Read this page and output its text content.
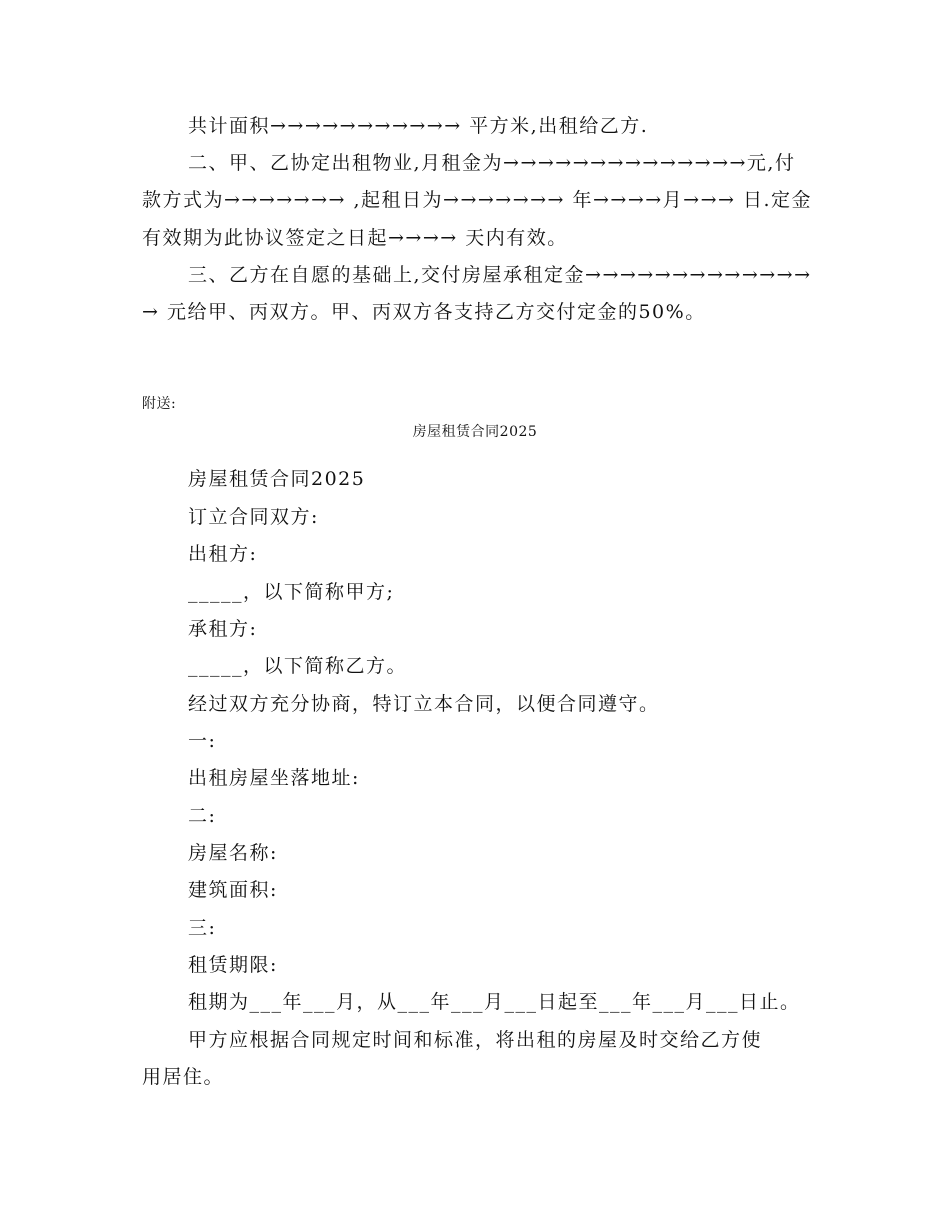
共计面积→→→→→→→→→→→ 平方米,出租给乙方.
二、甲、乙协定出租物业,月租金为→→→→→→→→→→→→→→元,付
款方式为→→→→→→→ ,起租日为→→→→→→→ 年→→→→月→→→ 日.定金
有效期为此协议签定之日起→→→→ 天内有效。
三、乙方在自愿的基础上,交付房屋承租定金→→→→→→→→→→→→→
→ 元给甲、丙双方。甲、丙双方各支持乙方交付定金的50%。
附送:
房屋租赁合同2025
房屋租赁合同2025
订立合同双方:
出租方:
_____，以下简称甲方;
承租方:
_____，以下简称乙方。
经过双方充分协商，特订立本合同，以便合同遵守。
一:
出租房屋坐落地址:
二:
房屋名称:
建筑面积:
三:
租赁期限:
租期为___年___月，从___年___月___日起至___年___月___日止。
甲方应根据合同规定时间和标准，将出租的房屋及时交给乙方使
用居住。
